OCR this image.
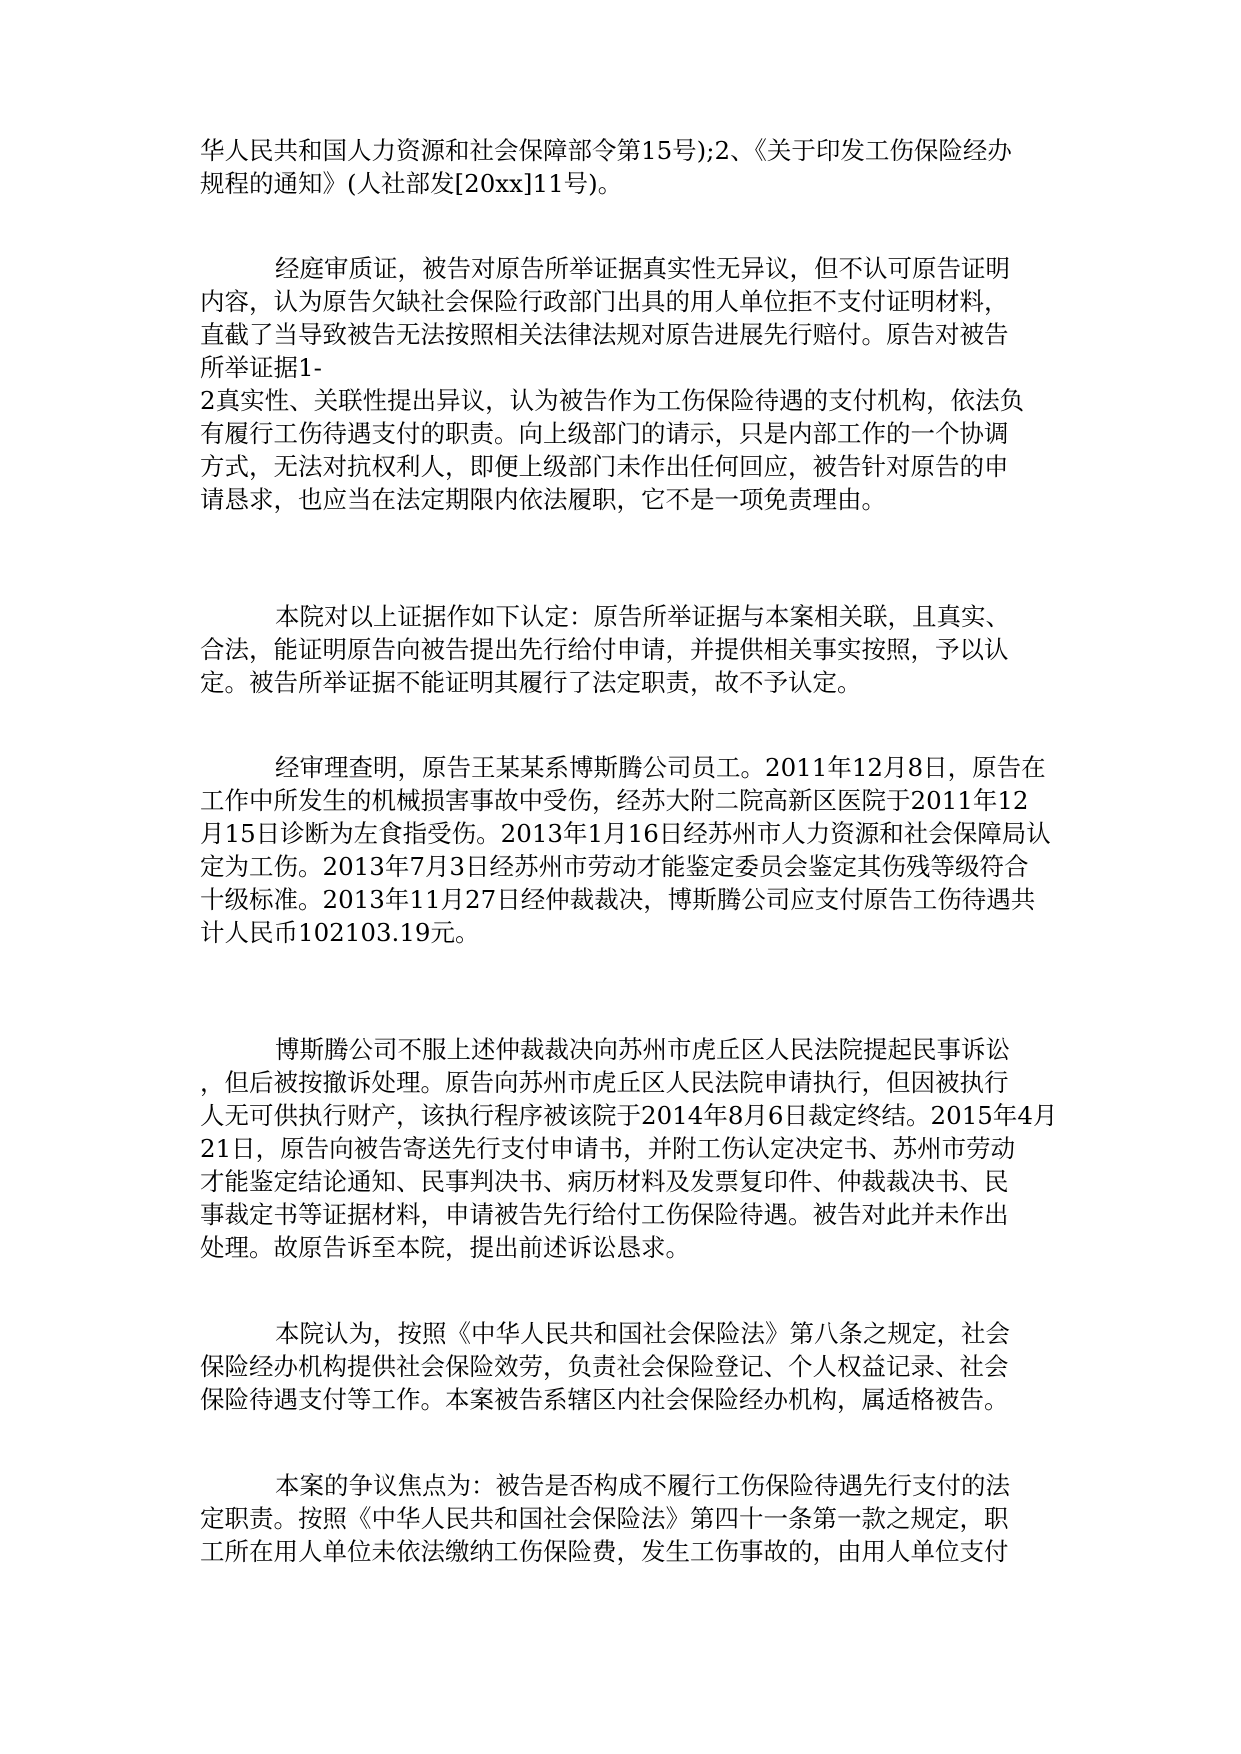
华人民共和国人力资源和社会保障部令第15号);2、《关于印发工伤保险经办
规程的通知》(人社部发[20xx]11号)。
经庭审质证，被告对原告所举证据真实性无异议，但不认可原告证明
内容，认为原告欠缺社会保险行政部门出具的用人单位拒不支付证明材料，
直截了当导致被告无法按照相关法律法规对原告进展先行赔付。原告对被告
所举证据1-
2真实性、关联性提出异议，认为被告作为工伤保险待遇的支付机构，依法负
有履行工伤待遇支付的职责。向上级部门的请示，只是内部工作的一个协调
方式，无法对抗权利人，即便上级部门未作出任何回应，被告针对原告的申
请恳求，也应当在法定期限内依法履职，它不是一项免责理由。
本院对以上证据作如下认定：原告所举证据与本案相关联，且真实、
合法，能证明原告向被告提出先行给付申请，并提供相关事实按照，予以认
定。被告所举证据不能证明其履行了法定职责，故不予认定。
经审理查明，原告王某某系博斯腾公司员工。2011年12月8日，原告在
工作中所发生的机械损害事故中受伤，经苏大附二院高新区医院于2011年12
月15日诊断为左食指受伤。2013年1月16日经苏州市人力资源和社会保障局认
定为工伤。2013年7月3日经苏州市劳动才能鉴定委员会鉴定其伤残等级符合
十级标准。2013年11月27日经仲裁裁决，博斯腾公司应支付原告工伤待遇共
计人民币102103.19元。
博斯腾公司不服上述仲裁裁决向苏州市虎丘区人民法院提起民事诉讼
，但后被按撤诉处理。原告向苏州市虎丘区人民法院申请执行，但因被执行
人无可供执行财产，该执行程序被该院于2014年8月6日裁定终结。2015年4月
21日，原告向被告寄送先行支付申请书，并附工伤认定决定书、苏州市劳动
才能鉴定结论通知、民事判决书、病历材料及发票复印件、仲裁裁决书、民
事裁定书等证据材料，申请被告先行给付工伤保险待遇。被告对此并未作出
处理。故原告诉至本院，提出前述诉讼恳求。
本院认为，按照《中华人民共和国社会保险法》第八条之规定，社会
保险经办机构提供社会保险效劳，负责社会保险登记、个人权益记录、社会
保险待遇支付等工作。本案被告系辖区内社会保险经办机构，属适格被告。
本案的争议焦点为：被告是否构成不履行工伤保险待遇先行支付的法
定职责。按照《中华人民共和国社会保险法》第四十一条第一款之规定，职
工所在用人单位未依法缴纳工伤保险费，发生工伤事故的，由用人单位支付
